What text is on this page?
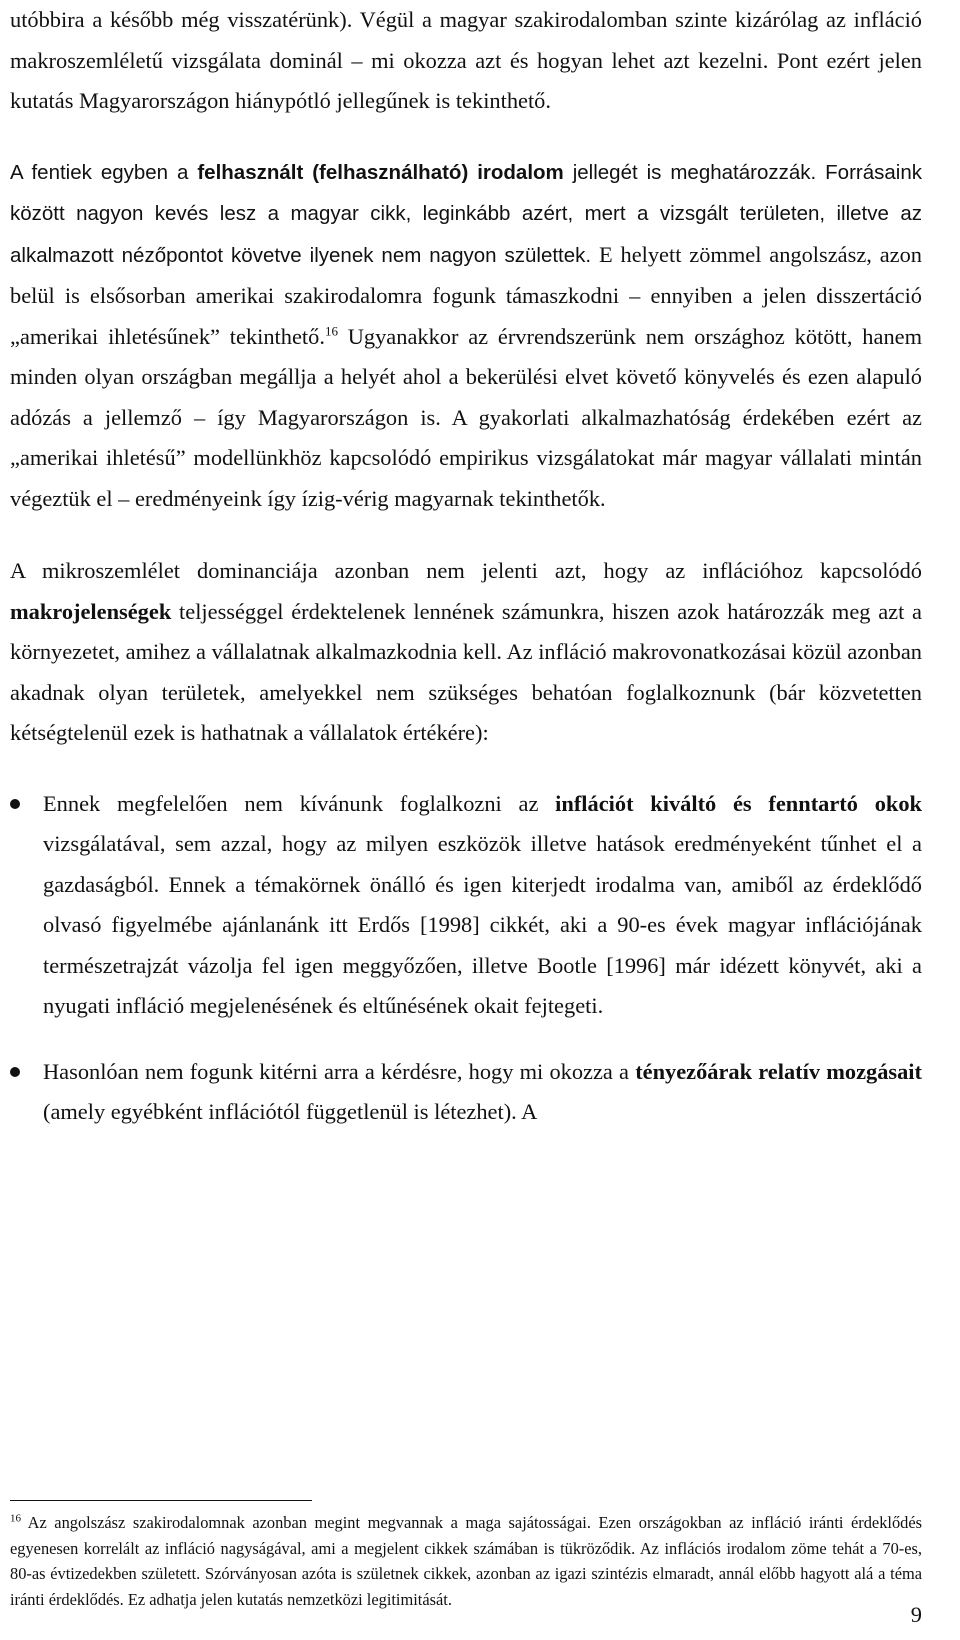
utóbbira a később még visszatérünk). Végül a magyar szakirodalomban szinte kizárólag az infláció makroszemléletű vizsgálata dominál – mi okozza azt és hogyan lehet azt kezelni. Pont ezért jelen kutatás Magyarországon hiánypótló jellegűnek is tekinthető.

A fentiek egyben a felhasznált (felhasználható) irodalom jellegét is meghatározzák. Forrásaink között nagyon kevés lesz a magyar cikk, leginkább azért, mert a vizsgált területen, illetve az alkalmazott nézőpontot követve ilyenek nem nagyon születtek. E helyett zömmel angolszász, azon belül is elsősorban amerikai szakirodalomra fogunk támaszkodni – ennyiben a jelen disszertáció „amerikai ihletésűnek” tekinthető.$^{16}$ Ugyanakkor az érvrendszerünk nem országhoz kötött, hanem minden olyan országban megállja a helyét ahol a bekerülési elvet követő könyvelés és ezen alapuló adózás a jellemző – így Magyarországon is. A gyakorlati alkalmazhatóság érdekében ezért az „amerikai ihletésű” modellünkhöz kapcsolódó empirikus vizsgálatokat már magyar vállalati mintán végeztük el – eredményeink így ízig-vérig magyarnak tekinthetők.

A mikroszemlélet dominanciája azonban nem jelenti azt, hogy az inflációhoz kapcsolódó makrojelenségek teljességgel érdektelenek lennének számunkra, hiszen azok határozzák meg azt a környezetet, amihez a vállalatnak alkalmazkodnia kell. Az infláció makrovonatkozásai közül azonban akadnak olyan területek, amelyekkel nem szükséges behatóan foglalkoznunk (bár közvetetten kétségtelenül ezek is hathatnak a vállalatok értékére):

Ennek megfelelően nem kívánunk foglalkozni az inflációt kiváltó és fenntartó okok vizsgálatával, sem azzal, hogy az milyen eszközök illetve hatások eredményeként tűnhet el a gazdaságból. Ennek a témakörnek önálló és igen kiterjedt irodalma van, amiből az érdeklődő olvasó figyelmébe ajánlanánk itt Erdős [1998] cikkét, aki a 90-es évek magyar inflációjának természetrajzát vázolja fel igen meggyőzően, illetve Bootle [1996] már idézett könyvét, aki a nyugati infláció megjelenésének és eltűnésének okait fejtegeti.
Hasonlóan nem fogunk kitérni arra a kérdésre, hogy mi okozza a tényezőárak relatív mozgásait (amely egyébként inflációtól függetlenül is létezhet). A

$^{16}$ Az angolszász szakirodalomnak azonban megint megvannak a maga sajátosságai. Ezen országokban az infláció iránti érdeklődés egyenesen korrelált az infláció nagyságával, ami a megjelent cikkek számában is tükröződik. Az inflációs irodalom zöme tehát a 70-es, 80-as évtizedekben született. Szórványosan azóta is születnek cikkek, azonban az igazi szintézis elmaradt, annál előbb hagyott alá a téma iránti érdeklődés. Ez adhatja jelen kutatás nemzetközi legitimitását.

9
